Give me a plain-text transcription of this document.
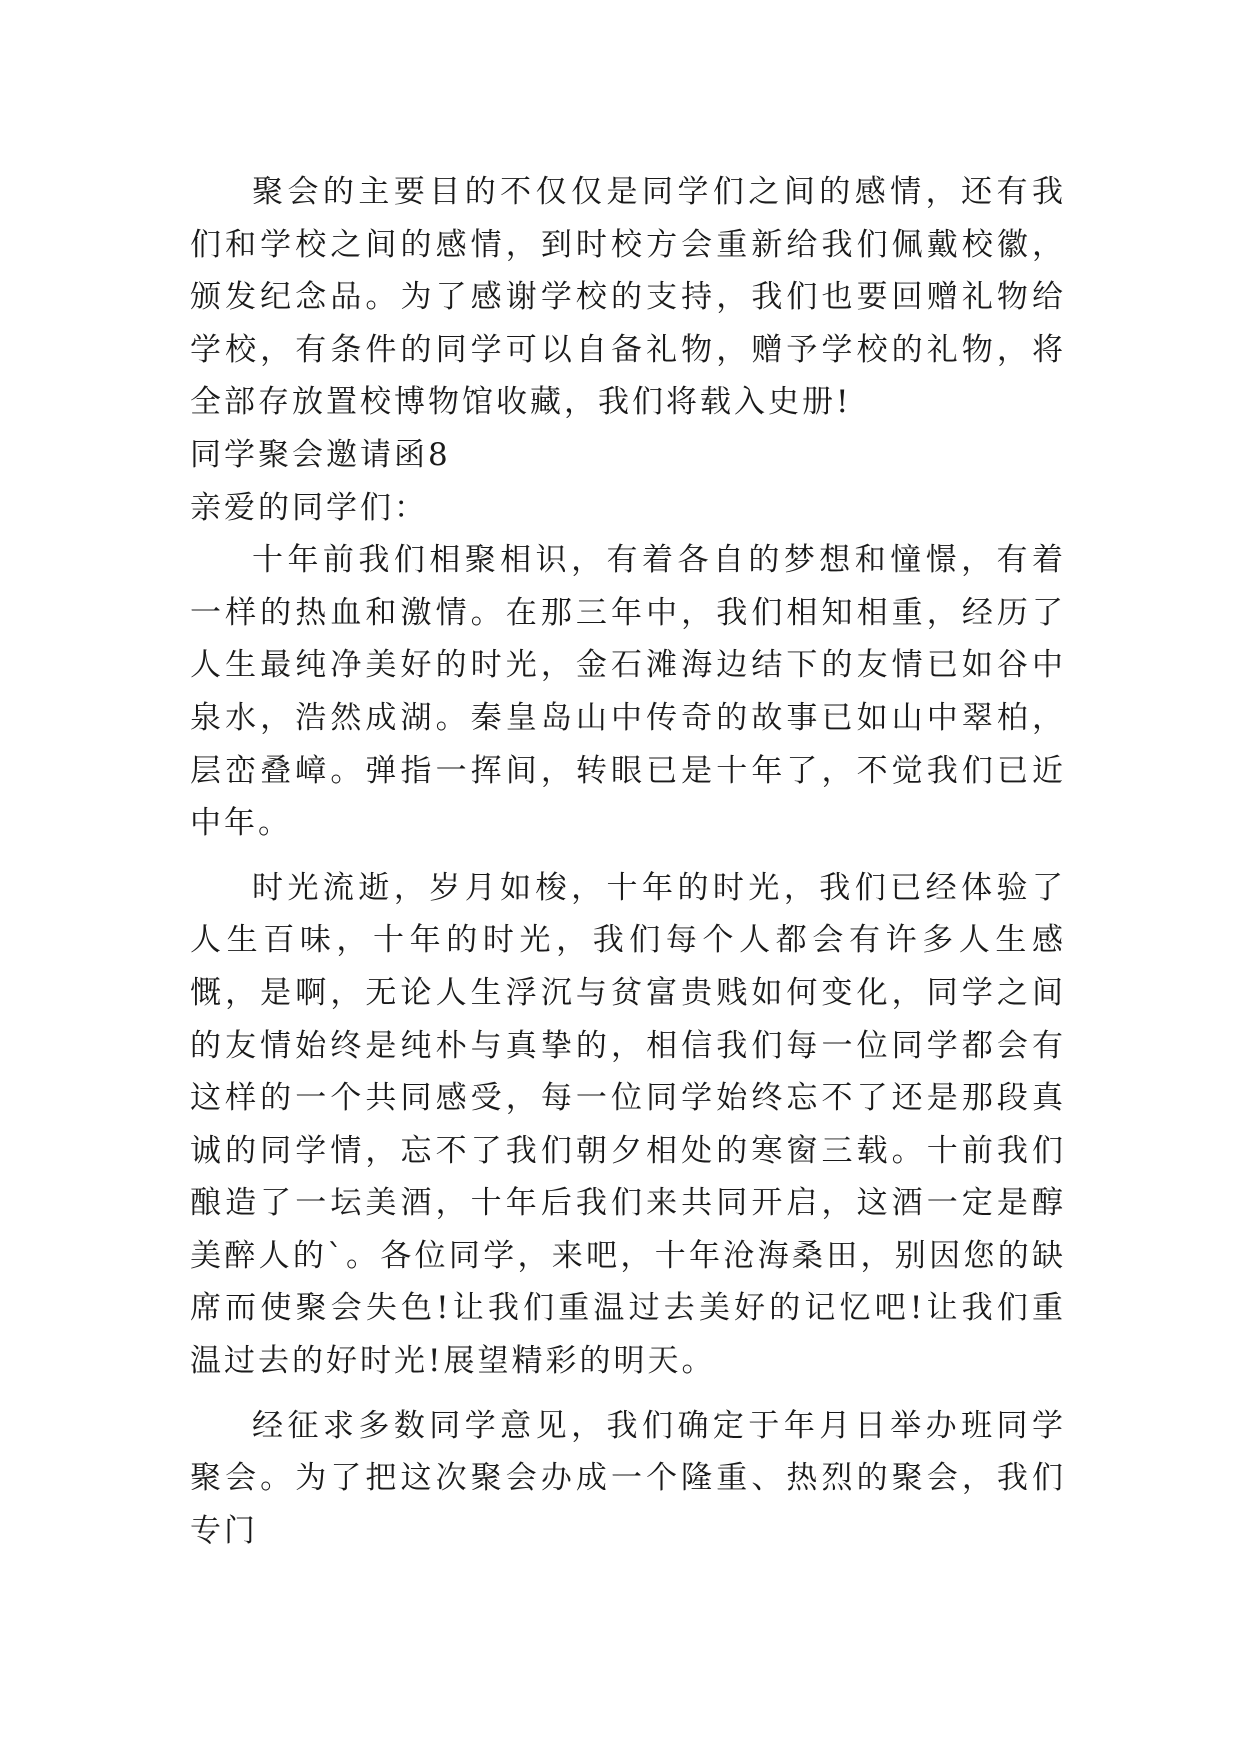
聚会的主要目的不仅仅是同学们之间的感情，还有我们和学校之间的感情，到时校方会重新给我们佩戴校徽，颁发纪念品。为了感谢学校的支持，我们也要回赠礼物给学校，有条件的同学可以自备礼物，赠予学校的礼物，将全部存放置校博物馆收藏，我们将载入史册!

同学聚会邀请函8

亲爱的同学们：

十年前我们相聚相识，有着各自的梦想和憧憬，有着一样的热血和激情。在那三年中，我们相知相重，经历了人生最纯净美好的时光，金石滩海边结下的友情已如谷中泉水，浩然成湖。秦皇岛山中传奇的故事已如山中翠柏，层峦叠嶂。弹指一挥间，转眼已是十年了，不觉我们已近中年。

时光流逝，岁月如梭，十年的时光，我们已经体验了人生百味，十年的时光，我们每个人都会有许多人生感慨，是啊，无论人生浮沉与贫富贵贱如何变化，同学之间的友情始终是纯朴与真挚的，相信我们每一位同学都会有这样的一个共同感受，每一位同学始终忘不了还是那段真诚的同学情，忘不了我们朝夕相处的寒窗三载。十前我们酿造了一坛美酒，十年后我们来共同开启，这酒一定是醇美醉人的`。各位同学，来吧，十年沧海桑田，别因您的缺席而使聚会失色!让我们重温过去美好的记忆吧!让我们重温过去的好时光!展望精彩的明天。

经征求多数同学意见，我们确定于年月日举办班同学聚会。为了把这次聚会办成一个隆重、热烈的聚会，我们专门
